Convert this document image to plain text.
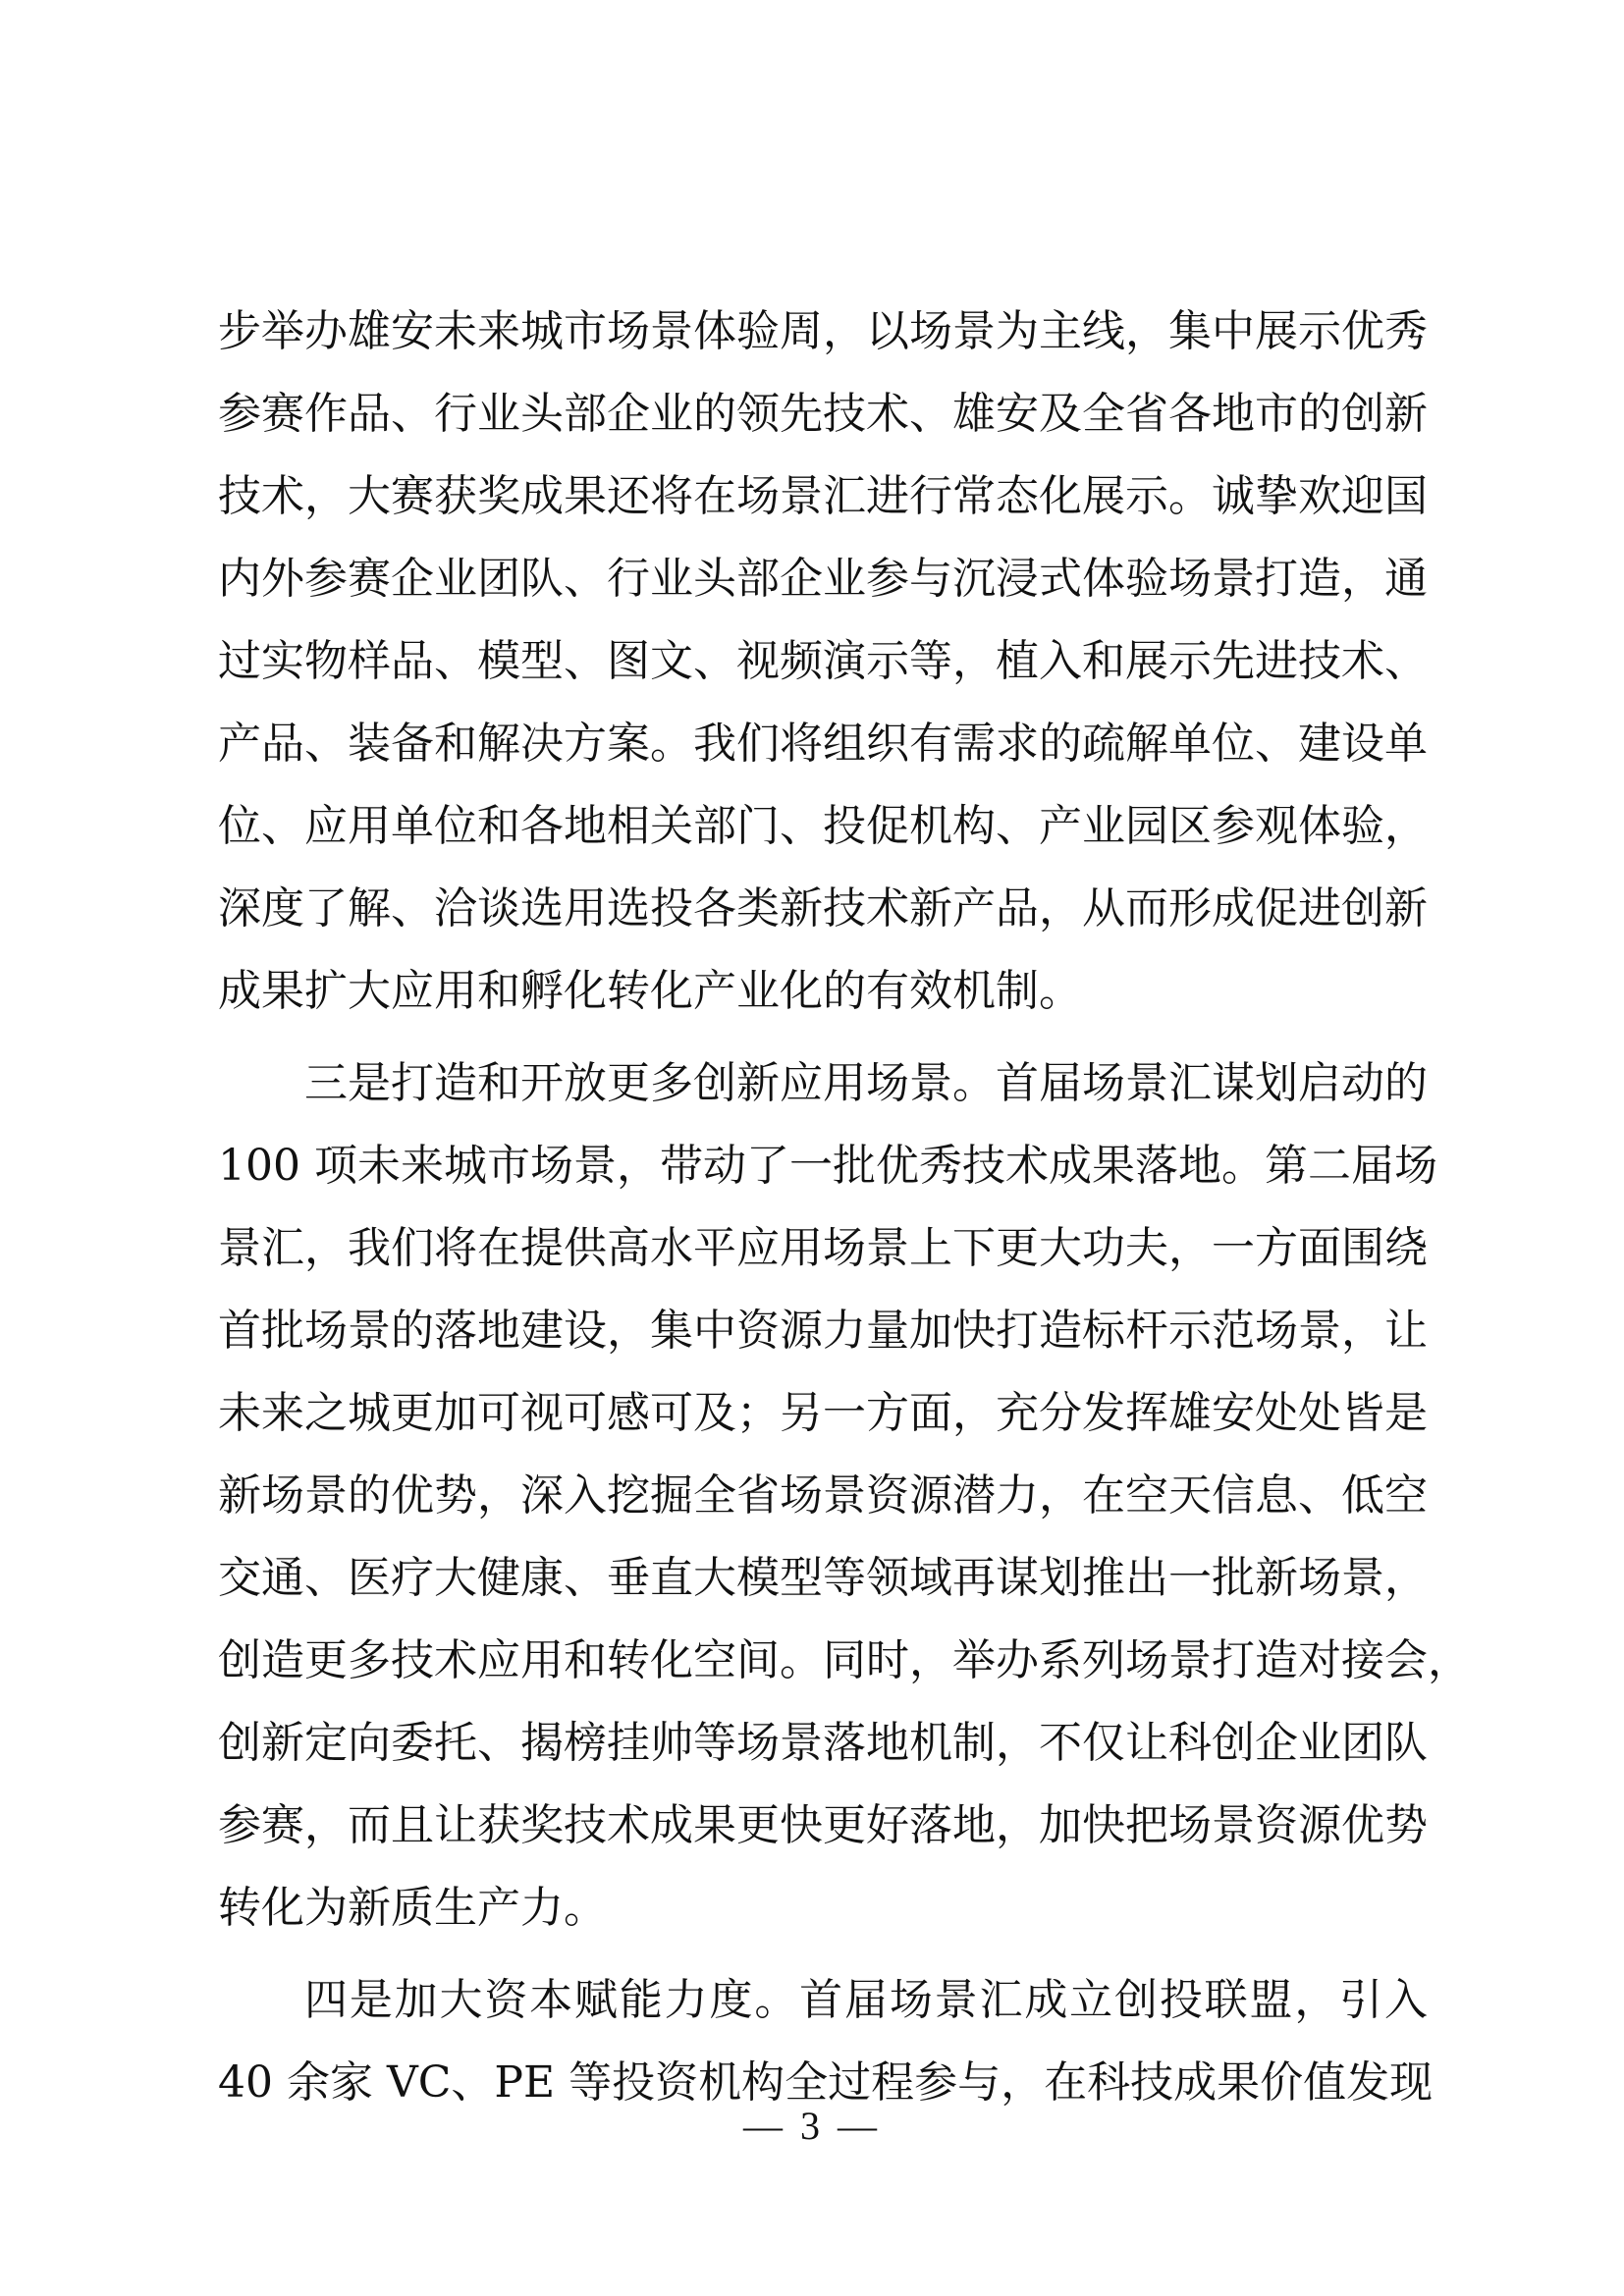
步举办雄安未来城市场景体验周，以场景为主线，集中展示优秀
参赛作品、行业头部企业的领先技术、雄安及全省各地市的创新
技术，大赛获奖成果还将在场景汇进行常态化展示。诚挚欢迎国
内外参赛企业团队、行业头部企业参与沉浸式体验场景打造，通
过实物样品、模型、图文、视频演示等，植入和展示先进技术、
产品、装备和解决方案。我们将组织有需求的疏解单位、建设单
位、应用单位和各地相关部门、投促机构、产业园区参观体验，
深度了解、洽谈选用选投各类新技术新产品，从而形成促进创新
成果扩大应用和孵化转化产业化的有效机制。
三是打造和开放更多创新应用场景。首届场景汇谋划启动的
100 项未来城市场景，带动了一批优秀技术成果落地。第二届场
景汇，我们将在提供高水平应用场景上下更大功夫，一方面围绕
首批场景的落地建设，集中资源力量加快打造标杆示范场景，让
未来之城更加可视可感可及；另一方面，充分发挥雄安处处皆是
新场景的优势，深入挖掘全省场景资源潜力，在空天信息、低空
交通、医疗大健康、垂直大模型等领域再谋划推出一批新场景，
创造更多技术应用和转化空间。同时，举办系列场景打造对接会，
创新定向委托、揭榜挂帅等场景落地机制，不仅让科创企业团队
参赛，而且让获奖技术成果更快更好落地，加快把场景资源优势
转化为新质生产力。
四是加大资本赋能力度。首届场景汇成立创投联盟，引入
40 余家 VC、PE 等投资机构全过程参与，在科技成果价值发现
— 3 —
